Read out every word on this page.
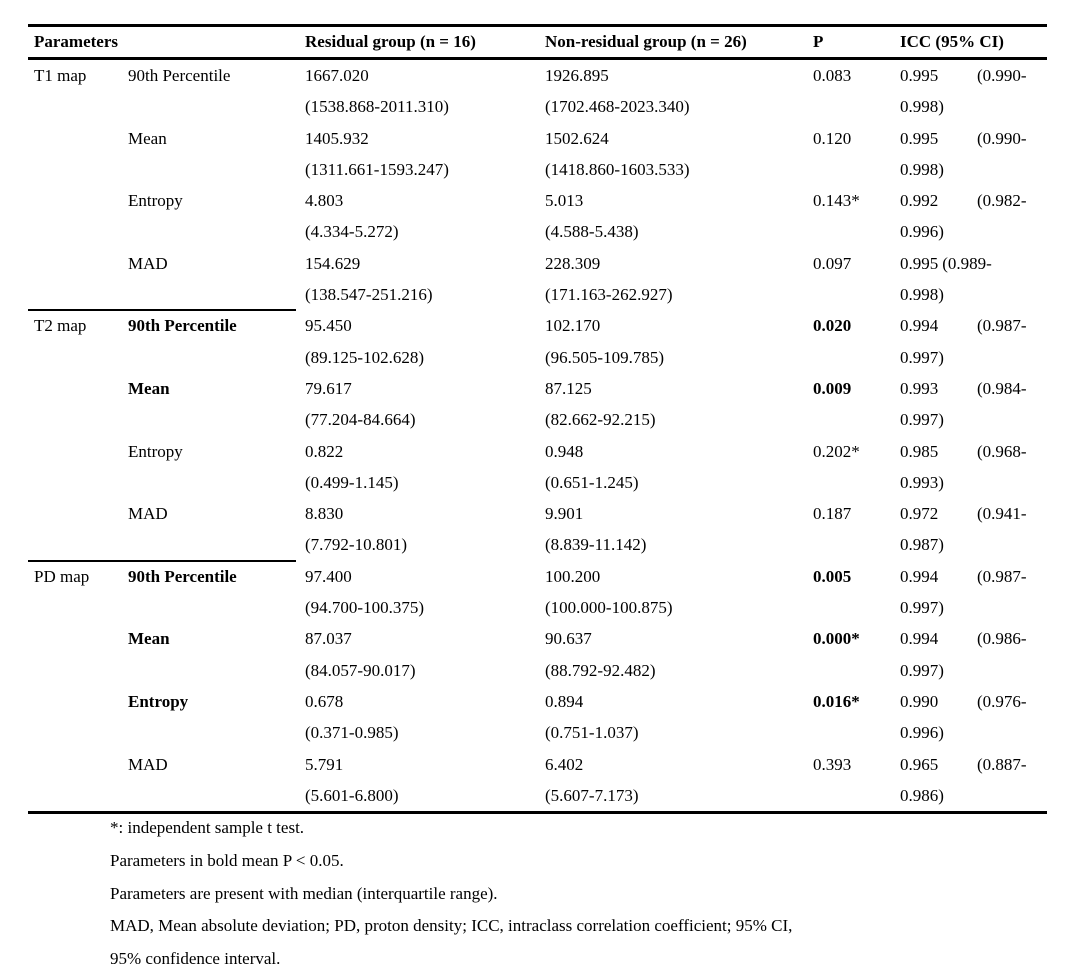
Parameters	Residual group (n = 16)	Non-residual group (n = 26)	P	ICC (95% CI)
T1 map	90th Percentile	1667.020	1926.895	0.083	0.995 (0.990-
(1538.868-2011.310)	(1702.468-2023.340)	0.998)
Mean	1405.932	1502.624	0.120	0.995 (0.990-
(1311.661-1593.247)	(1418.860-1603.533)	0.998)
Entropy	4.803	5.013	0.143*	0.992 (0.982-
(4.334-5.272)	(4.588-5.438)	0.996)
MAD	154.629	228.309	0.097	0.995 (0.989-
(138.547-251.216)	(171.163-262.927)	0.998)
T2 map	90th Percentile	95.450	102.170	0.020	0.994 (0.987-
(89.125-102.628)	(96.505-109.785)	0.997)
Mean	79.617	87.125	0.009	0.993 (0.984-
(77.204-84.664)	(82.662-92.215)	0.997)
Entropy	0.822	0.948	0.202*	0.985 (0.968-
(0.499-1.145)	(0.651-1.245)	0.993)
MAD	8.830	9.901	0.187	0.972 (0.941-
(7.792-10.801)	(8.839-11.142)	0.987)
PD map	90th Percentile	97.400	100.200	0.005	0.994 (0.987-
(94.700-100.375)	(100.000-100.875)	0.997)
Mean	87.037	90.637	0.000*	0.994 (0.986-
(84.057-90.017)	(88.792-92.482)	0.997)
Entropy	0.678	0.894	0.016*	0.990 (0.976-
(0.371-0.985)	(0.751-1.037)	0.996)
MAD	5.791	6.402	0.393	0.965 (0.887-
(5.601-6.800)	(5.607-7.173)	0.986)
*: independent sample t test.
Parameters in bold mean P < 0.05.
Parameters are present with median (interquartile range).
MAD, Mean absolute deviation; PD, proton density; ICC, intraclass correlation coefficient; 95% CI,
95% confidence interval.
